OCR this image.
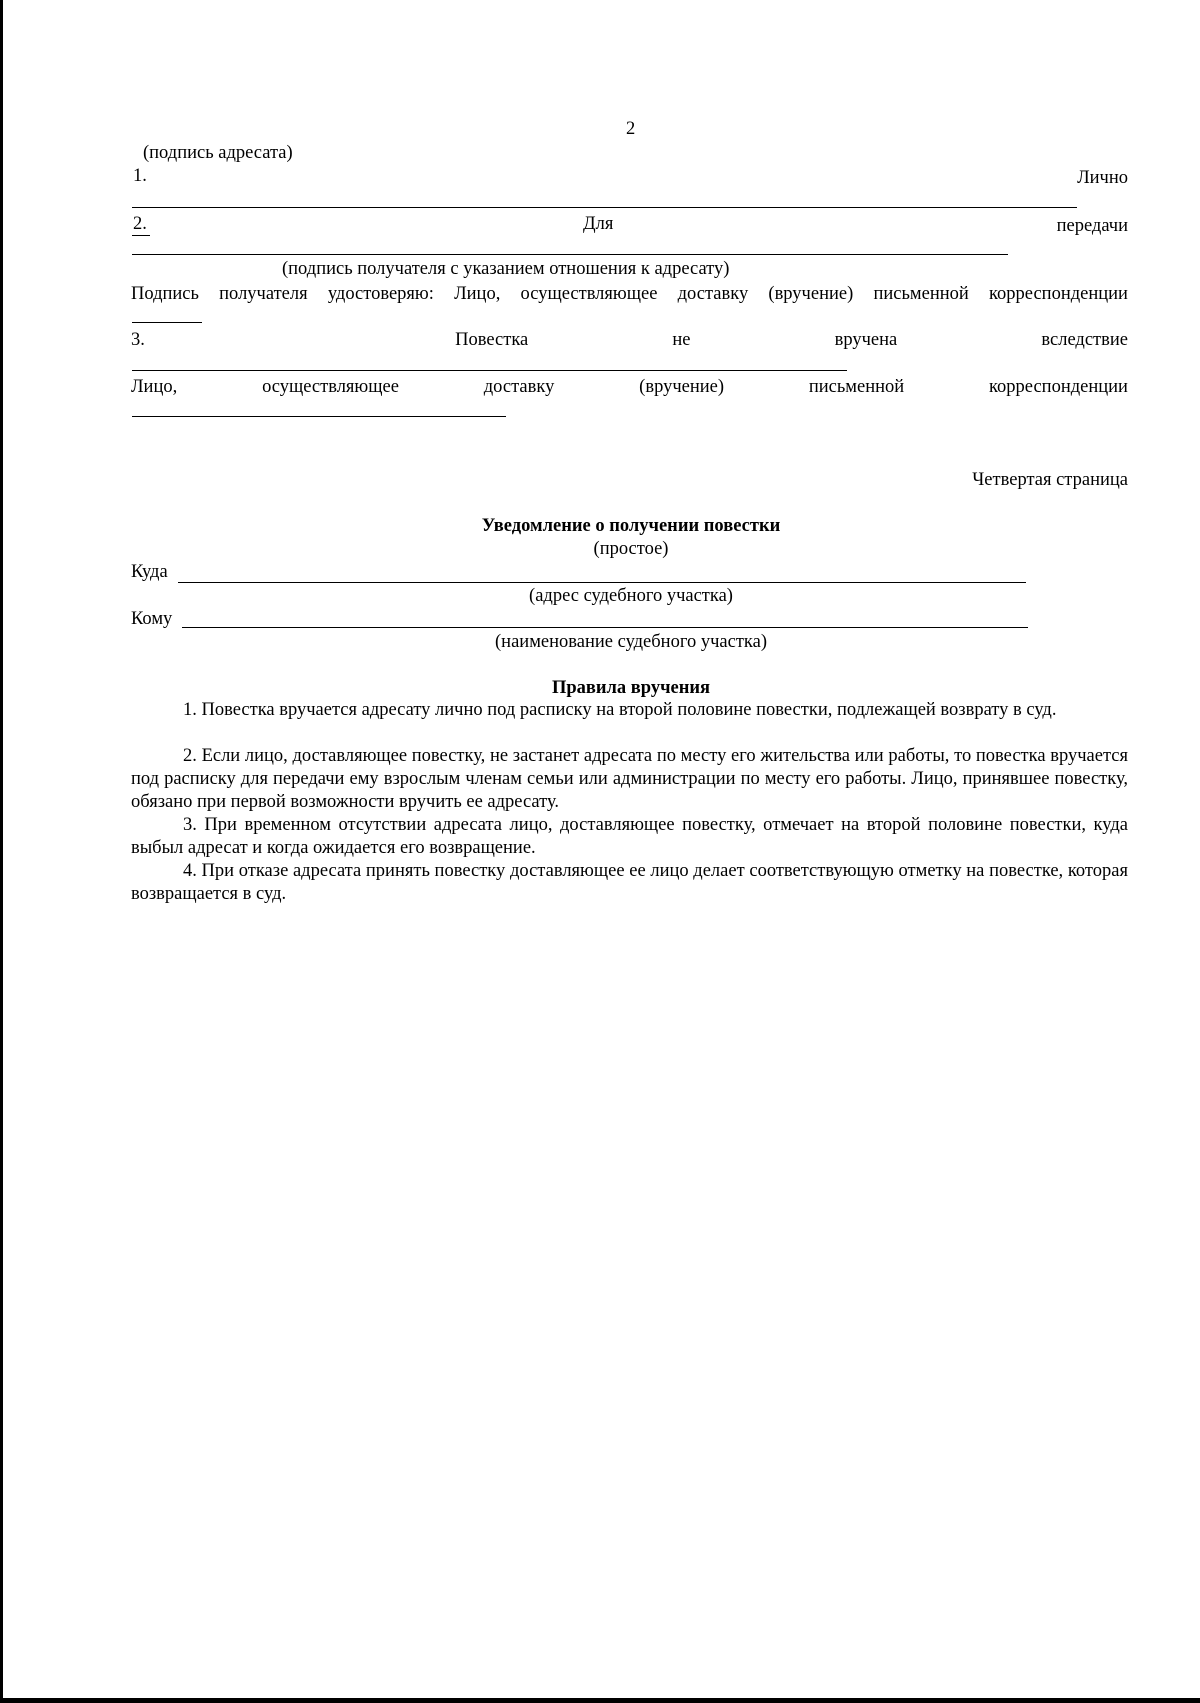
2
(подпись адресата)
1.	Лично
2.	Для	передачи
(подпись получателя с указанием отношения к адресату)
Подпись получателя удостоверяю: Лицо, осуществляющее доставку (вручение) письменной корреспонденции
3.	Повестка	не	вручена	вследствие
Лицо,	осуществляющее	доставку	(вручение)	письменной	корреспонденции
Четвертая страница
Уведомление о получении повестки
(простое)
Куда
(адрес судебного участка)
Кому
(наименование судебного участка)
Правила вручения
1. Повестка вручается адресату лично под расписку на второй половине повестки, подлежащей возврату в суд.
2. Если лицо, доставляющее повестку, не застанет адресата по месту его жительства или работы, то повестка вручается под расписку для передачи ему взрослым членам семьи или администрации по месту его работы. Лицо, принявшее повестку, обязано при первой возможности вручить ее адресату.
3. При временном отсутствии адресата лицо, доставляющее повестку, отмечает на второй половине повестки, куда выбыл адресат и когда ожидается его возвращение.
4. При отказе адресата принять повестку доставляющее ее лицо делает соответствующую отметку на повестке, которая возвращается в суд.
